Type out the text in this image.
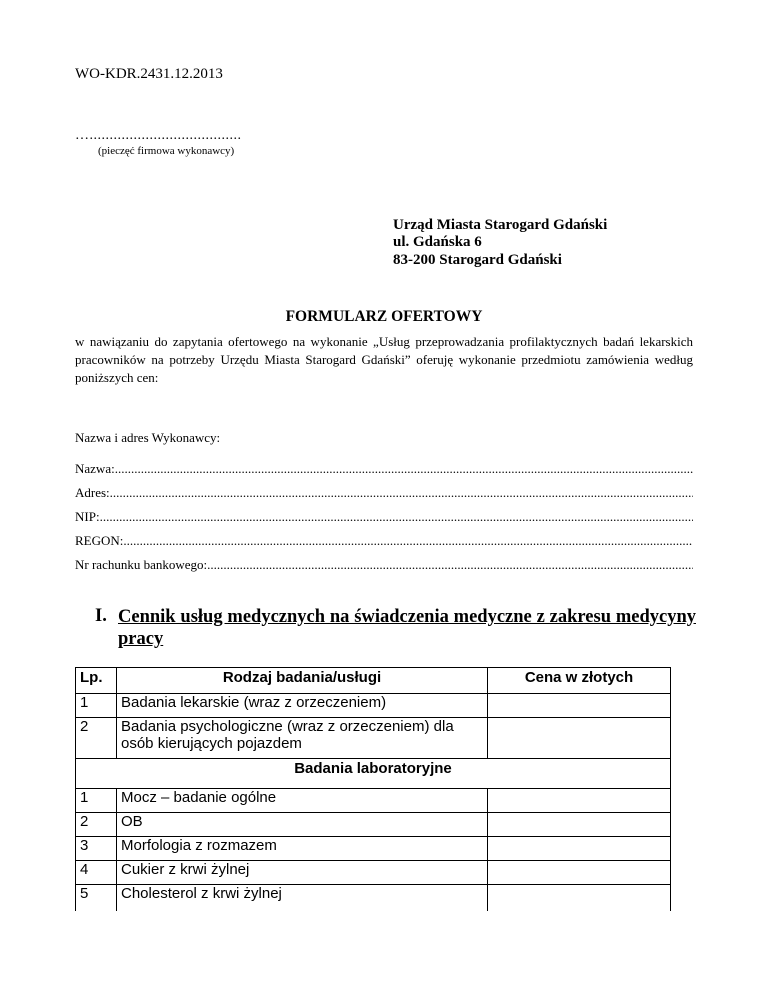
WO-KDR.2431.12.2013
…......................................
(pieczęć firmowa wykonawcy)
Urząd Miasta Starogard Gdański
ul. Gdańska 6
83-200 Starogard Gdański
FORMULARZ OFERTOWY
w nawiązaniu do zapytania ofertowego na wykonanie „Usług przeprowadzania profilaktycznych badań lekarskich pracowników na potrzeby Urzędu Miasta Starogard Gdański” oferuję wykonanie przedmiotu zamówienia według poniższych cen:
Nazwa i adres Wykonawcy:
Nazwa: .....
Adres: .....
NIP: .....
REGON: .....
Nr rachunku bankowego: .....
I. Cennik usług medycznych na świadczenia medyczne z zakresu medycyny pracy
Lp.	Rodzaj badania/usługi	Cena w złotych
1	Badania lekarskie (wraz z orzeczeniem)	
2	Badania psychologiczne (wraz z orzeczeniem) dla osób kierujących pojazdem	
Badania laboratoryjne		
1	Mocz – badanie ogólne	
2	OB	
3	Morfologia z rozmazem	
4	Cukier z krwi żylnej	
5	Cholesterol z krwi żylnej	
